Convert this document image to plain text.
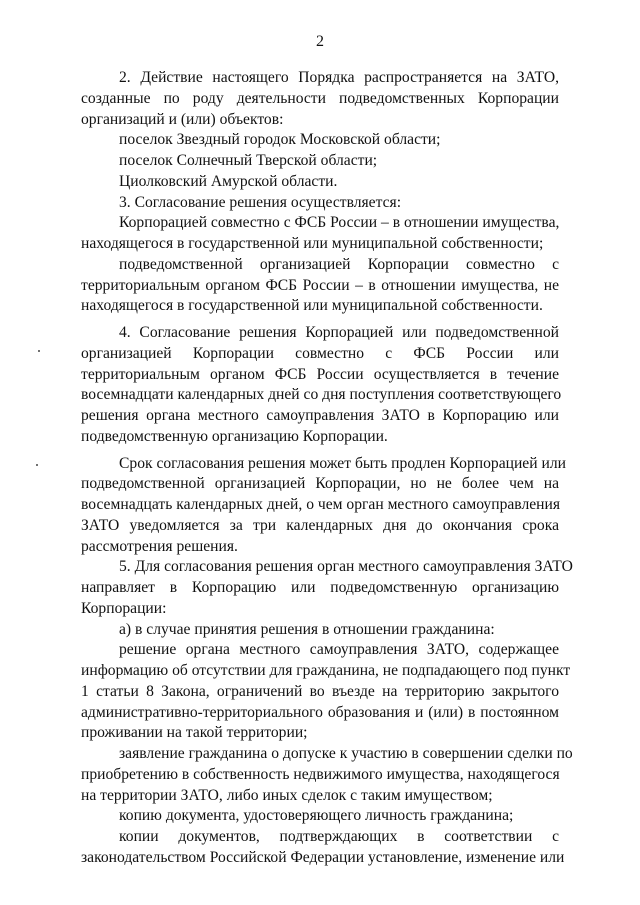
2
2. Действие настоящего Порядка распространяется на ЗАТО,
созданные по роду деятельности подведомственных Корпорации
организаций и (или) объектов:
поселок Звездный городок Московской области;
поселок Солнечный Тверской области;
Циолковский Амурской области.
3. Согласование решения осуществляется:
Корпорацией совместно с ФСБ России – в отношении имущества,
находящегося в государственной или муниципальной собственности;
подведомственной организацией Корпорации совместно с
территориальным органом ФСБ России – в отношении имущества, не
находящегося в государственной или муниципальной собственности.
4. Согласование решения Корпорацией или подведомственной
организацией Корпорации совместно с ФСБ России или
территориальным органом ФСБ России осуществляется в течение
восемнадцати календарных дней со дня поступления соответствующего
решения органа местного самоуправления ЗАТО в Корпорацию или
подведомственную организацию Корпорации.
Срок согласования решения может быть продлен Корпорацией или
подведомственной организацией Корпорации, но не более чем на
восемнадцать календарных дней, о чем орган местного самоуправления
ЗАТО уведомляется за три календарных дня до окончания срока
рассмотрения решения.
5. Для согласования решения орган местного самоуправления ЗАТО
направляет в Корпорацию или подведомственную организацию
Корпорации:
а) в случае принятия решения в отношении гражданина:
решение органа местного самоуправления ЗАТО, содержащее
информацию об отсутствии для гражданина, не подпадающего под пункт
1 статьи 8 Закона, ограничений во въезде на территорию закрытого
административно-территориального образования и (или) в постоянном
проживании на такой территории;
заявление гражданина о допуске к участию в совершении сделки по
приобретению в собственность недвижимого имущества, находящегося
на территории ЗАТО, либо иных сделок с таким имуществом;
копию документа, удостоверяющего личность гражданина;
копии документов, подтверждающих в соответствии с
законодательством Российской Федерации установление, изменение или
